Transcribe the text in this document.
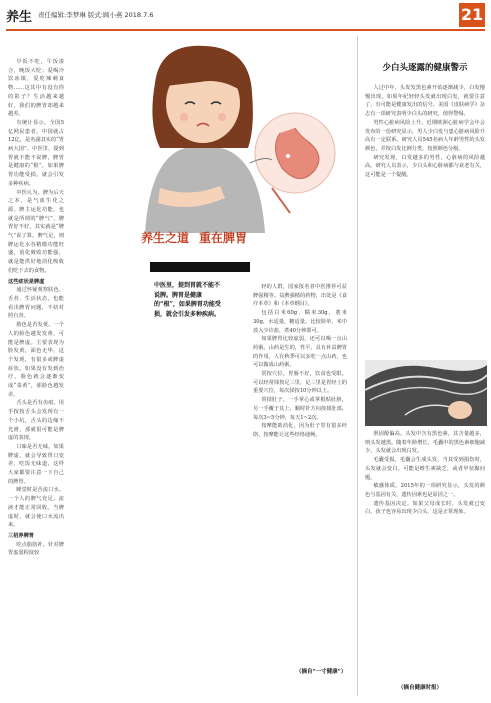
养生 责任编辑:李梦琳 版式:顾小燕 2018.7.6	21
养生之道 重在脾胃

早饭不吃，午饭凑合，晚饭大吃；爱喝冷饮冰镇，爱吃辣刺食物……这其中有没有你的影子？生活越来越好，我们的脾胃却越来越差。

有统计显示，全国5亿网民患者，中国就占12亿，是名副其实的“胃病大国”。中医里，提到胃就不能不说脾，脾胃是健康的“根”，如果脾胃功能受损，就会引发多种疾病。

中医认为，脾为后天之本，是气血生化之源。脾主运化功能，也就是所谓的“脾气”，脾胃好不好，其实就是“脾气”说了算。脾气足，则脾运化水谷精微功能旺盛，消化吸收功能强，就是能供好地消化吸收们吃下去的食物。

这些症状是脾虚

通过怀疑观察肤色、舌苔、生活状态，也能看出脾胃问题，不妨对照自查。

脸色是否发黄。一个人的脸色越发发黄，可能是脾虚。主要表现为脸发黄，面色无华，这个发现，有很多或脾虚症状。如果没有发到治疗，脸色就会逐渐变成“菜黄”，那脸色越发差。

舌头是否有齿痕。用手按按舌头会发现有一个小坑，舌头的边缘不光滑，那就很可能是脾虚的表现。

口味是否无味。如果脾虚，就会导致胃口变差，吃饭无味道，这样大家都要注意一下自己的脾胃。

睡觉时是否流口水。一个人的脾气充足，流液才能正常回收。当脾虚时，就会使口水流出来。

三招养脾胃

吃点脂肪补。针对脾胃虚弱程度较

中医里，提到胃就不能不说脾。脾胃是健康的“根”，如果脾胃功能受损，就会引发多种疾病。

轻的人群，国家报名者中医推荐可益脾强精等。益脾强精的药物，出处是《食疗本草》和《本草纲目》。

包括白米60g、糯米30g，薏米30g，水适量，糖适量。比较简单，米中放入少许盐，煮40分钟即可。

如果脾胃比较虚弱，还可以喝一点山药粥。山药是生的，性平，具有补益脾胃的作用，人在秋季可以多吃一点山药，也可以做成山药粥。

常按穴位。胃肠不好，饮食也受限。可以经常揉按足三里，足三里是胃经上的重要穴位，每次揉按10分钟以上。

常揉肚子。一手掌心或掌根贴肚脐，另一手覆于其上，顺时针方向按揉肚部，每次3~5分钟，每天1~2次。

按摩能助消化，因为肚子里有很多经络，按摩能让这些经络通畅。

（摘自“一寸健康”）
少白头逐露的健康警示

人过中年，头发发黑色素开始逐渐减少，白发慢慢出现。如果年纪轻轻头发就出现白发，就要注意了，有可能是健康发出的信号。美国《皮肤病学》杂志有一项研究表明少白头的研究，值得警惕。

男性心脏病风险上升。近期欧洲心脏病学会年会发布的一份研究显示，男人少白发与患心脏病风险升高有一定联系。研究人员545名病人年龄男性的头发颜色，并按白发比例分类，按照颜色分级。

研究发现，白发越多的男性，心脏病的风险越高。研究人员表示，少白头和心脏病都与衰老有关，这可能是一个提醒。

胆固醇偏高。头发中含有黑色素，其含量越多，则头发越黑。随着年龄增长，毛囊中的黑色素细胞减少，头发就会出现白发。

毛囊受损。毛囊会生成头发，当其受到损伤时，头发就会变白。可能是维生素缺乏，或者甲状腺问题。

敏感体质。2015年的一项研究显示，头发的颜色与基因有关，遗传因素也是原因之一。

遗传基因决定。如果父母成长时，头发就已变白，孩子也容易出现少白头，这是正常现象。

（摘自健康时报）
